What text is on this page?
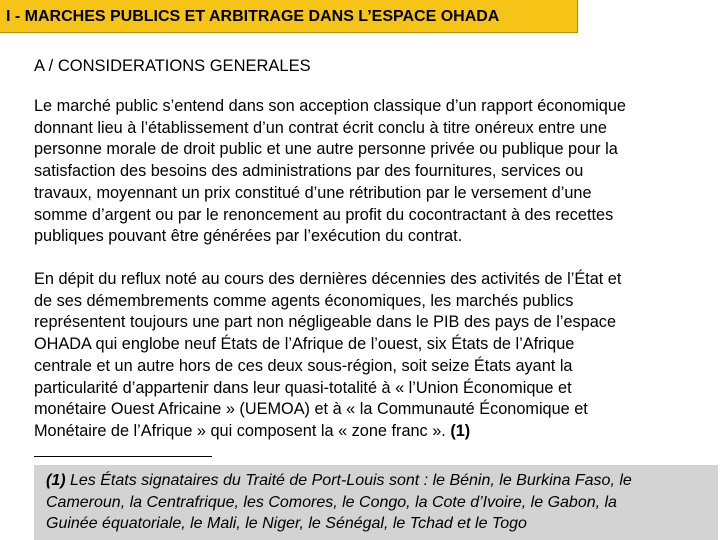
I - MARCHES PUBLICS ET ARBITRAGE DANS L’ESPACE OHADA
A / CONSIDERATIONS GENERALES

Le marché public s’entend dans son acception classique d’un rapport économique
donnant lieu à l’établissement d’un contrat écrit conclu à titre onéreux entre une
personne morale de droit public et une autre personne privée ou publique pour la
satisfaction des besoins des administrations par des fournitures, services ou
travaux, moyennant un prix constitué d’une rétribution par le versement d’une
somme d’argent ou par le renoncement au profit du cocontractant à des recettes
publiques pouvant être générées par l’exécution du contrat.

En dépit du reflux noté au cours des dernières décennies des activités de l’État et
de ses démembrements comme agents économiques, les marchés publics
représentent toujours une part non négligeable dans le PIB des pays de l’espace
OHADA qui englobe neuf États de l’Afrique de l’ouest, six États de l’Afrique
centrale et un autre hors de ces deux sous-région, soit seize États ayant la
particularité d’appartenir dans leur quasi-totalité à « l’Union Économique et
monétaire Ouest Africaine » (UEMOA) et à « la Communauté Économique et
Monétaire de l’Afrique » qui composent la « zone franc ». (1)

(1) Les États signataires du Traité de Port-Louis sont : le Bénin, le Burkina Faso, le
Cameroun, la Centrafrique, les Comores, le Congo, la Cote d’Ivoire, le Gabon, la
Guinée équatoriale, le Mali, le Niger, le Sénégal, le Tchad et le Togo
